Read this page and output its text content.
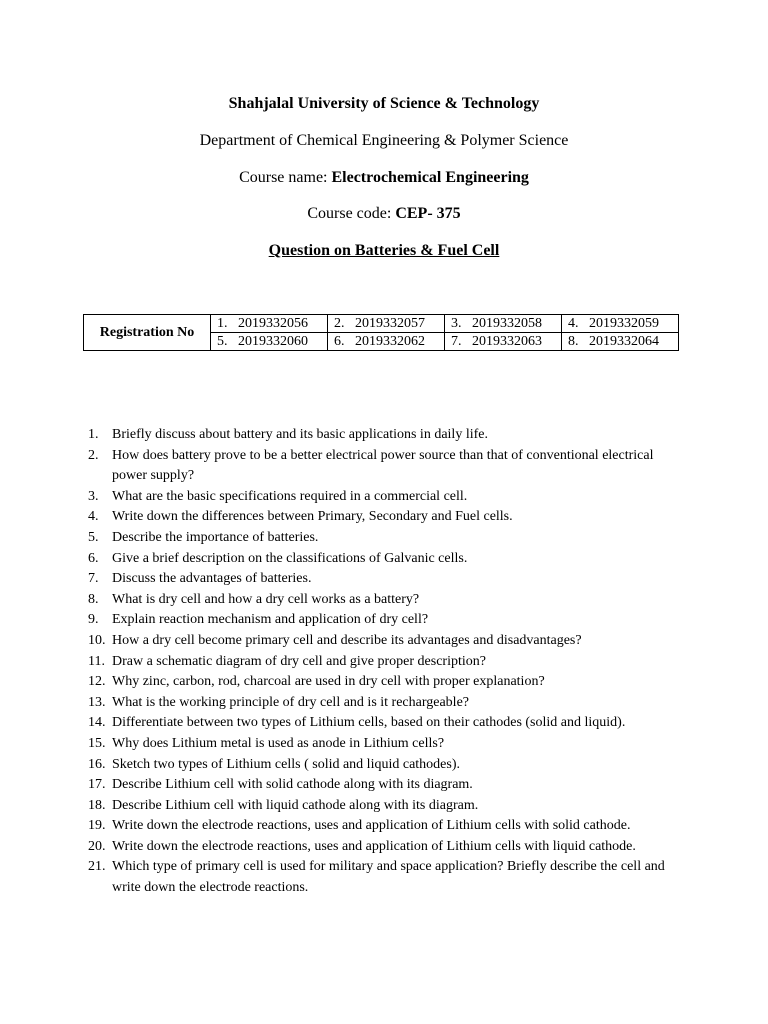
Shahjalal University of Science & Technology
Department of Chemical Engineering & Polymer Science
Course name: Electrochemical Engineering
Course code: CEP- 375
Question on Batteries & Fuel Cell
Registration No	1.   2019332056	2.   2019332057	3.   2019332058	4.   2019332059
	5.   2019332060	6.   2019332062	7.   2019332063	8.   2019332064
1. Briefly discuss about battery and its basic applications in daily life.
2. How does battery prove to be a better electrical power source than that of conventional electrical power supply?
3. What are the basic specifications required in a commercial cell.
4. Write down the differences between Primary, Secondary and Fuel cells.
5. Describe the importance of batteries.
6. Give a brief description on the classifications of Galvanic cells.
7. Discuss the advantages of batteries.
8. What is dry cell and how a dry cell works as a battery?
9. Explain reaction mechanism and application of dry cell?
10. How a dry cell become primary cell and describe its advantages and disadvantages?
11. Draw a schematic diagram of dry cell and give proper description?
12. Why zinc, carbon, rod, charcoal are used in dry cell with proper explanation?
13. What is the working principle of dry cell and is it rechargeable?
14. Differentiate between two types of Lithium cells, based on their cathodes (solid and liquid).
15. Why does Lithium metal is used as anode in Lithium cells?
16. Sketch two types of Lithium cells ( solid and liquid cathodes).
17. Describe Lithium cell with solid cathode along with its diagram.
18. Describe Lithium cell with liquid cathode along with its diagram.
19. Write down the electrode reactions, uses and application of Lithium cells with solid cathode.
20. Write down the electrode reactions, uses and application of Lithium cells with liquid cathode.
21. Which type of primary cell is used for military and space application? Briefly describe the cell and write down the electrode reactions.
